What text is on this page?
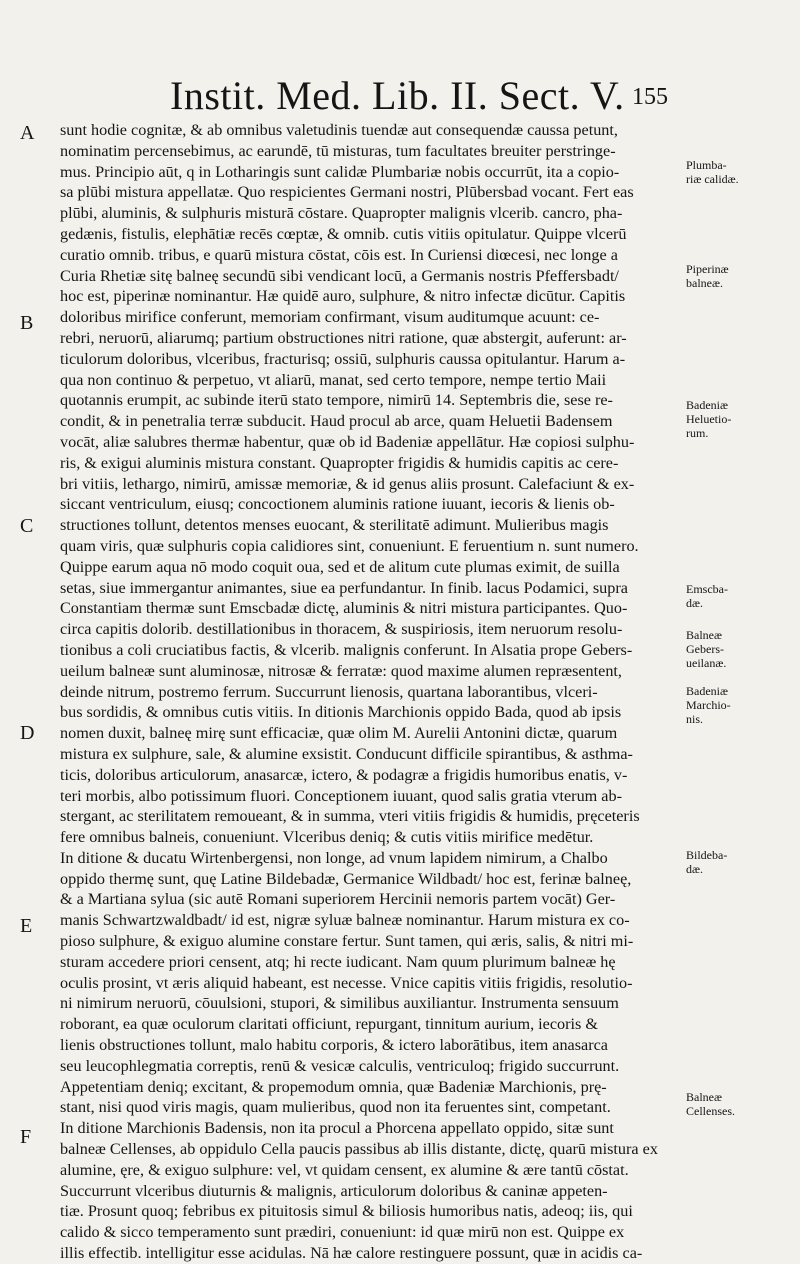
Instit. Med. Lib. II. Sect. V. 155
A
B
C
D
E
F
Plumba-
riæ calidæ.
Piperinæ
balneæ.
Badeniæ
Heluetio-
rum.
Emscba-
dæ.
Balneæ
Gebers-
ueilanæ.
Badeniæ
Marchio-
nis.
Bildeba-
dæ.
Balneæ
Cellenses.
sunt hodie cognitæ, & ab omnibus valetudinis tuendæ aut consequendæ caussa petunt,
nominatim percensebimus, ac earundē, tū misturas, tum facultates breuiter perstringe-
mus. Principio aūt, q in Lotharingis sunt calidæ Plumbariæ nobis occurrūt, ita a copio-
sa plūbi mistura appellatæ. Quo respicientes Germani nostri, Plūbersbad vocant. Fert eas
plūbi, aluminis, & sulphuris misturā cōstare. Quapropter malignis vlcerib. cancro, pha-
gedænis, fistulis, elephātiæ recēs cœptæ, & omnib. cutis vitiis opitulatur. Quippe vlcerū
curatio omnib. tribus, e quarū mistura cōstat, cōis est. In Curiensi diœcesi, nec longe a
Curia Rhetiæ sitę balneę secundū sibi vendicant locū, a Germanis nostris Pfeffersbadt/
hoc est, piperinæ nominantur. Hæ quidē auro, sulphure, & nitro infectæ dicūtur. Capitis
doloribus mirifice conferunt, memoriam confirmant, visum auditumque acuunt: ce-
rebri, neruorū, aliarumq; partium obstructiones nitri ratione, quæ abstergit, auferunt: ar-
ticulorum doloribus, vlceribus, fracturisq; ossiū, sulphuris caussa opitulantur. Harum a-
qua non continuo & perpetuo, vt aliarū, manat, sed certo tempore, nempe tertio Maii
quotannis erumpit, ac subinde iterū stato tempore, nimirū 14. Septembris die, sese re-
condit, & in penetralia terræ subducit. Haud procul ab arce, quam Heluetii Badensem
vocāt, aliæ salubres thermæ habentur, quæ ob id Badeniæ appellātur. Hæ copiosi sulphu-
ris, & exigui aluminis mistura constant. Quapropter frigidis & humidis capitis ac cere-
bri vitiis, lethargo, nimirū, amissæ memoriæ, & id genus aliis prosunt. Calefaciunt & ex-
siccant ventriculum, eiusq; concoctionem aluminis ratione iuuant, iecoris & lienis ob-
structiones tollunt, detentos menses euocant, & sterilitatē adimunt. Mulieribus magis
quam viris, quæ sulphuris copia calidiores sint, conueniunt. E feruentium n. sunt numero.
Quippe earum aqua nō modo coquit oua, sed et de alitum cute plumas eximit, de suilla
setas, siue immergantur animantes, siue ea perfundantur. In finib. lacus Podamici, supra
Constantiam thermæ sunt Emscbadæ dictę, aluminis & nitri mistura participantes. Quo-
circa capitis dolorib. destillationibus in thoracem, & suspiriosis, item neruorum resolu-
tionibus a coli cruciatibus factis, & vlcerib. malignis conferunt. In Alsatia prope Gebers-
ueilum balneæ sunt aluminosæ, nitrosæ & ferratæ: quod maxime alumen repræsentent,
deinde nitrum, postremo ferrum. Succurrunt lienosis, quartana laborantibus, vlceri-
bus sordidis, & omnibus cutis vitiis. In ditionis Marchionis oppido Bada, quod ab ipsis
nomen duxit, balneę mirę sunt efficaciæ, quæ olim M. Aurelii Antonini dictæ, quarum
mistura ex sulphure, sale, & alumine exsistit. Conducunt difficile spirantibus, & asthma-
ticis, doloribus articulorum, anasarcæ, ictero, & podagræ a frigidis humoribus enatis, v-
teri morbis, albo potissimum fluori. Conceptionem iuuant, quod salis gratia vterum ab-
stergant, ac sterilitatem remoueant, & in summa, vteri vitiis frigidis & humidis, pręceteris
fere omnibus balneis, conueniunt. Vlceribus deniq; & cutis vitiis mirifice medētur.
In ditione & ducatu Wirtenbergensi, non longe, ad vnum lapidem nimirum, a Chalbo
oppido thermę sunt, quę Latine Bildebadæ, Germanice Wildbadt/ hoc est, ferinæ balneę,
& a Martiana sylua (sic autē Romani superiorem Hercinii nemoris partem vocāt) Ger-
manis Schwartzwaldbadt/ id est, nigræ syluæ balneæ nominantur. Harum mistura ex co-
pioso sulphure, & exiguo alumine constare fertur. Sunt tamen, qui æris, salis, & nitri mi-
sturam accedere priori censent, atq; hi recte iudicant. Nam quum plurimum balneæ hę
oculis prosint, vt æris aliquid habeant, est necesse. Vnice capitis vitiis frigidis, resolutio-
ni nimirum neruorū, cōuulsioni, stupori, & similibus auxiliantur. Instrumenta sensuum
roborant, ea quæ oculorum claritati officiunt, repurgant, tinnitum aurium, iecoris &
lienis obstructiones tollunt, malo habitu corporis, & ictero laborātibus, item anasarca
seu leucophlegmatia correptis, renū & vesicæ calculis, ventriculoq; frigido succurrunt.
Appetentiam deniq; excitant, & propemodum omnia, quæ Badeniæ Marchionis, prę-
stant, nisi quod viris magis, quam mulieribus, quod non ita feruentes sint, competant.
In ditione Marchionis Badensis, non ita procul a Phorcena appellato oppido, sitæ sunt
balneæ Cellenses, ab oppidulo Cella paucis passibus ab illis distante, dictę, quarū mistura ex
alumine, ęre, & exiguo sulphure: vel, vt quidam censent, ex alumine & ære tantū cōstat.
Succurrunt vlceribus diuturnis & malignis, articulorum doloribus & caninæ appeten-
tiæ. Prosunt quoq; febribus ex pituitosis simul & biliosis humoribus natis, adeoq; iis, qui
calido & sicco temperamento sunt prædiri, conueniunt: id quæ mirū non est. Quippe ex
illis effectib. intelligitur esse acidulas. Nā hæ calore restinguere possunt, quæ in acidis ca-
